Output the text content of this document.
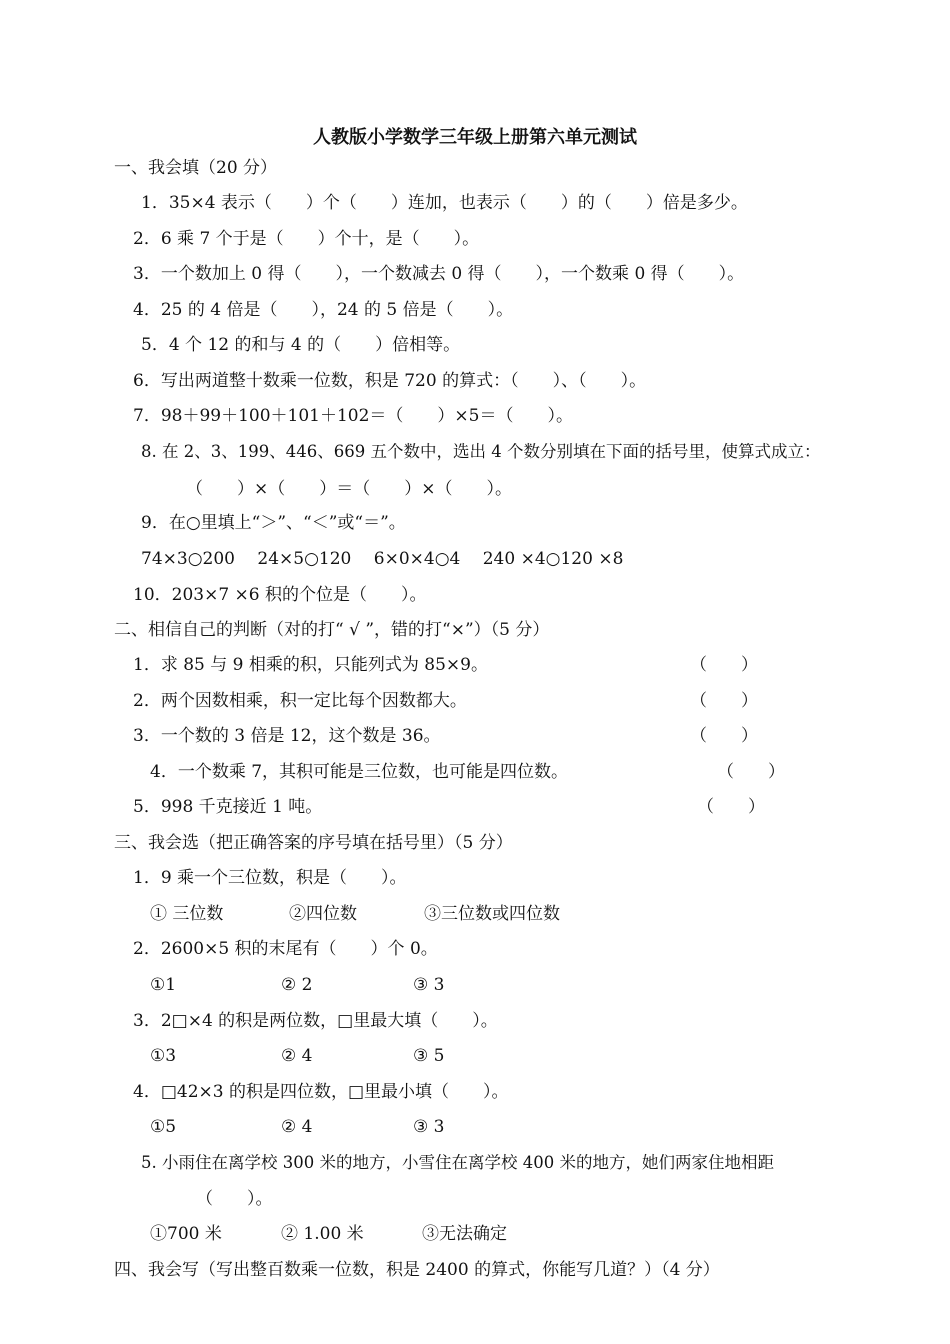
人教版小学数学三年级上册第六单元测试
一、我会填（20 分）
1．35×4 表示（　　）个（　　）连加，也表示（　　）的（　　）倍是多少。
2．6 乘 7 个于是（　　）个十，是（　　）。
3．一个数加上 0 得（　　），一个数减去 0 得（　　），一个数乘 0 得（　　）。
4．25 的 4 倍是（　　），24 的 5 倍是（　　）。
5．4 个 12 的和与 4 的（　　）倍相等。
6．写出两道整十数乘一位数，积是 720 的算式：（　　）、（　　）。
7．98＋99＋100＋101＋102＝（　　）×5＝（　　）。
8. 在 2、3、199、446、669 五个数中，选出 4 个数分别填在下面的括号里，使算式成立：
（　　）×（　　）＝（　　）×（　　）。
9．在○里填上“＞”、“＜”或“＝”。
74×3○200　 24×5○120　 6×0×4○4　 240 ×4○120 ×8
10．203×7 ×6 积的个位是（　　）。
二、相信自己的判断（对的打“ √ ”，错的打“×”）（5 分）
1．求 85 与 9 相乘的积，只能列式为 85×9。	（　　）
2．两个因数相乘，积一定比每个因数都大。	（　　）
3．一个数的 3 倍是 12，这个数是 36。	（　　）
4．一个数乘 7，其积可能是三位数，也可能是四位数。	（　　）
5．998 千克接近 1 吨。	（　　）
三、我会选（把正确答案的序号填在括号里）（5 分）
1．9 乘一个三位数，积是（　　）。
① 三位数	②四位数	③三位数或四位数
2．2600×5 积的末尾有（　　）个 0。
①1	② 2	③ 3
3．2□×4 的积是两位数，□里最大填（　　）。
①3	② 4	③ 5
4．□42×3 的积是四位数，□里最小填（　　）。
①5	② 4	③ 3
5. 小雨住在离学校 300 米的地方，小雪住在离学校 400 米的地方，她们两家住地相距
（　　）。
①700 米	② 1.00 米	③无法确定
四、我会写（写出整百数乘一位数，积是 2400 的算式，你能写几道？）（4 分）
